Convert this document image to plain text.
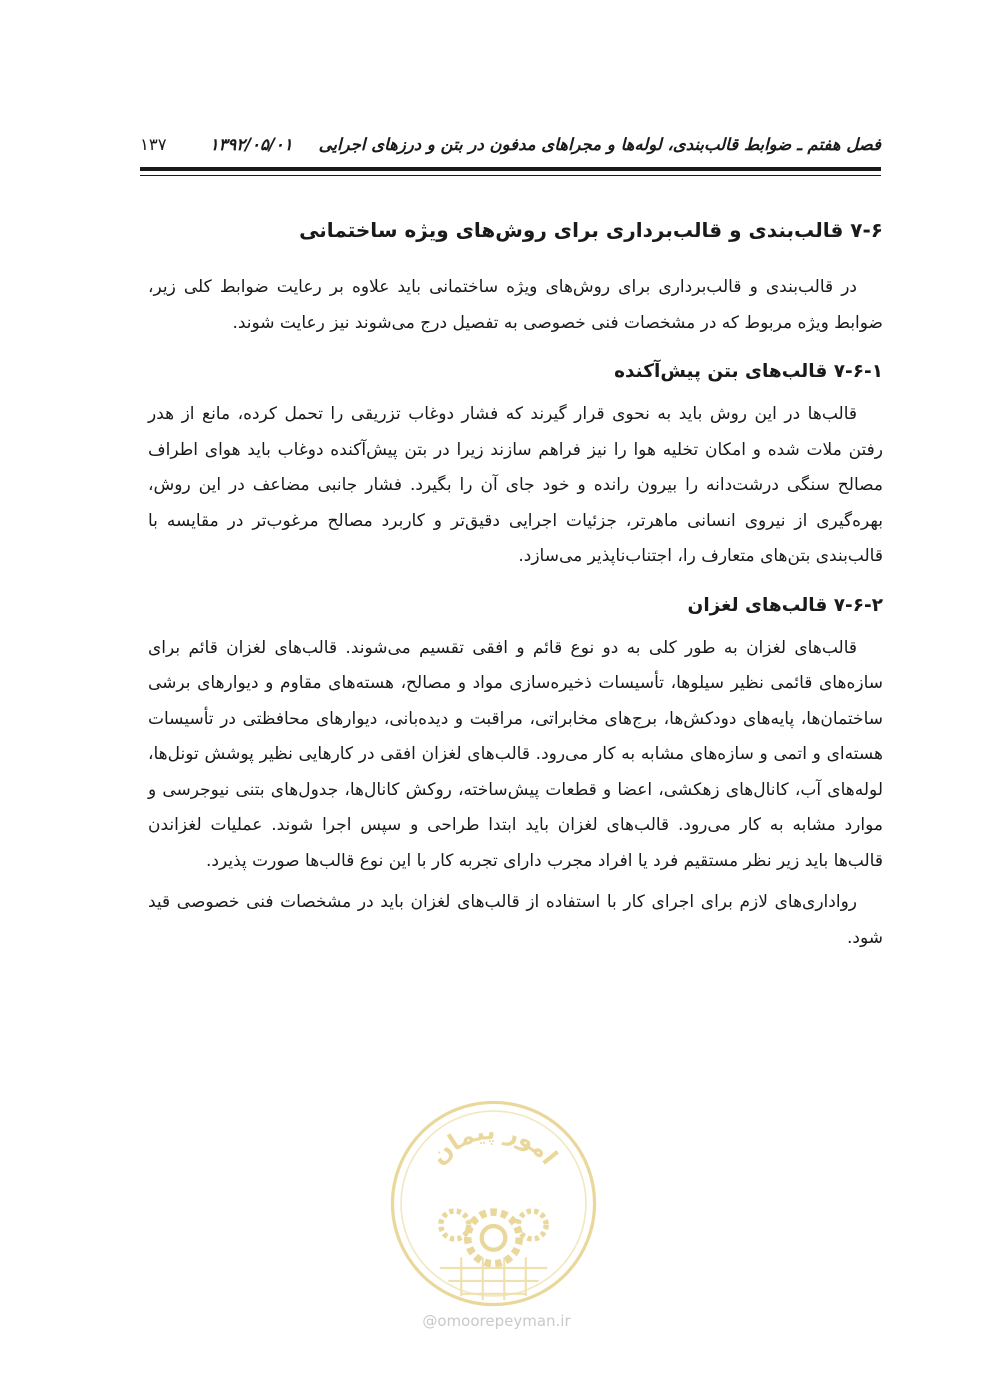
فصل هفتم ـ ضوابط قالب‌بندی، لوله‌ها و مجراهای مدفون در بتن و درزهای اجرایی
۱۳۹۲/۰۵/۰۱
۱۳۷
۷-۶ قالب‌بندی و قالب‌برداری برای روش‌های ویژه ساختمانی

در قالب‌بندی و قالب‌برداری برای روش‌های ویژه ساختمانی باید علاوه بر رعایت ضوابط کلی زیر، ضوابط ویژه مربوط که در مشخصات فنی خصوصی به تفصیل درج می‌شوند نیز رعایت شوند.

۷-۶-۱ قالب‌های بتن پیش‌آکنده

قالب‌ها در این روش باید به نحوی قرار گیرند که فشار دوغاب تزریقی را تحمل کرده، مانع از هدر رفتن ملات شده و امکان تخلیه هوا را نیز فراهم سازند زیرا در بتن پیش‌آکنده دوغاب باید هوای اطراف مصالح سنگی درشت‌دانه را بیرون رانده و خود جای آن را بگیرد. فشار جانبی مضاعف در این روش، بهره‌گیری از نیروی انسانی ماهرتر، جزئیات اجرایی دقیق‌تر و کاربرد مصالح مرغوب‌تر در مقایسه با قالب‌بندی بتن‌های متعارف را، اجتناب‌ناپذیر می‌سازد.

۷-۶-۲ قالب‌های لغزان

قالب‌های لغزان به طور کلی به دو نوع قائم و افقی تقسیم می‌شوند. قالب‌های لغزان قائم برای سازه‌های قائمی نظیر سیلوها، تأسیسات ذخیره‌سازی مواد و مصالح، هسته‌های مقاوم و دیوارهای برشی ساختمان‌ها، پایه‌های دودکش‌ها، برج‌های مخابراتی، مراقبت و دیده‌بانی، دیوارهای محافظتی در تأسیسات هسته‌ای و اتمی و سازه‌های مشابه به کار می‌رود. قالب‌های لغزان افقی در کارهایی نظیر پوشش تونل‌ها، لوله‌های آب، کانال‌های زهکشی، اعضا و قطعات پیش‌ساخته، روکش کانال‌ها، جدول‌های بتنی نیوجرسی و موارد مشابه به کار می‌رود. قالب‌های لغزان باید ابتدا طراحی و سپس اجرا شوند. عملیات لغزاندن قالب‌ها باید زیر نظر مستقیم فرد یا افراد مجرب دارای تجربه کار با این نوع قالب‌ها صورت پذیرد.

رواداری‌های لازم برای اجرای کار با استفاده از قالب‌های لغزان باید در مشخصات فنی خصوصی قید شود.

امور پیمان
@omoorepeyman.ir
